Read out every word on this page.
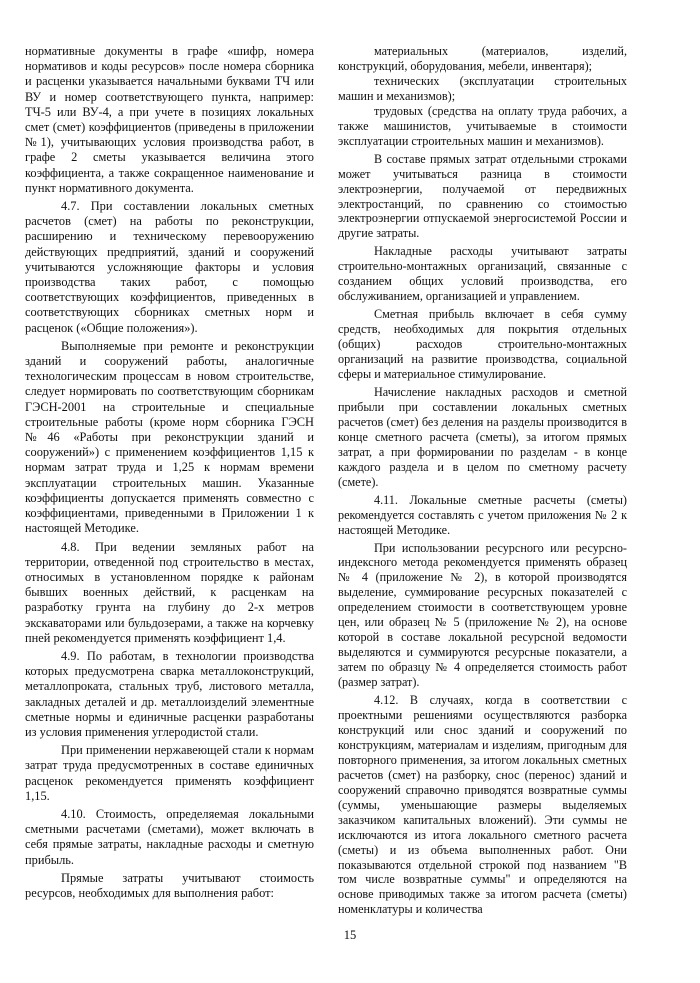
нормативные документы в графе «шифр, номера нормативов и коды ресурсов» после номера сборника и расценки указывается начальными буквами ТЧ или ВУ и номер соответствующего пункта, например: ТЧ-5 или ВУ-4, а при учете в позициях локальных смет (смет) коэффициентов (приведены в приложении №1), учитывающих условия производства работ, в графе 2 сметы указывается величина этого коэффициента, а также сокращенное наименование и пункт нормативного документа.

4.7. При составлении локальных сметных расчетов (смет) на работы по реконструкции, расширению и техническому перевооружению действующих предприятий, зданий и сооружений учитываются усложняющие факторы и условия производства таких работ, с помощью соответствующих коэффициентов, приведенных в соответствующих сборниках сметных норм и расценок («Общие положения»).

Выполняемые при ремонте и реконструкции зданий и сооружений работы, аналогичные технологическим процессам в новом строительстве, следует нормировать по соответствующим сборникам ГЭСН-2001 на строительные и специальные строительные работы (кроме норм сборника ГЭСН №46 «Работы при реконструкции зданий и сооружений») с применением коэффициентов 1,15 к нормам затрат труда и 1,25 к нормам времени эксплуатации строительных машин. Указанные коэффициенты допускается применять совместно с коэффициентами, приведенными в Приложении 1 к настоящей Методике.

4.8. При ведении земляных работ на территории, отведенной под строительство в местах, относимых в установленном порядке к районам бывших военных действий, к расценкам на разработку грунта на глубину до 2-х метров экскаваторами или бульдозерами, а также на корчевку пней рекомендуется применять коэффициент 1,4.

4.9. По работам, в технологии производства которых предусмотрена сварка металлоконструкций, металлопроката, стальных труб, листового металла, закладных деталей и др. металлоизделий элементные сметные нормы и единичные расценки разработаны из условия применения углеродистой стали.

При применении нержавеющей стали к нормам затрат труда предусмотренных в составе единичных расценок рекомендуется применять коэффициент 1,15.

4.10. Стоимость, определяемая локальными сметными расчетами (сметами), может включать в себя прямые затраты, накладные расходы и сметную прибыль.

Прямые затраты учитывают стоимость ресурсов, необходимых для выполнения работ:

материальных (материалов, изделий, конструкций, оборудования, мебели, инвентаря);

технических (эксплуатации строительных машин и механизмов);

трудовых (средства на оплату труда рабочих, а также машинистов, учитываемые в стоимости эксплуатации строительных машин и механизмов).

В составе прямых затрат отдельными строками может учитываться разница в стоимости электроэнергии, получаемой от передвижных электростанций, по сравнению со стоимостью электроэнергии отпускаемой энергосистемой России и другие затраты.

Накладные расходы учитывают затраты строительно-монтажных организаций, связанные с созданием общих условий производства, его обслуживанием, организацией и управлением.

Сметная прибыль включает в себя сумму средств, необходимых для покрытия отдельных (общих) расходов строительно-монтажных организаций на развитие производства, социальной сферы и материальное стимулирование.

Начисление накладных расходов и сметной прибыли при составлении локальных сметных расчетов (смет) без деления на разделы производится в конце сметного расчета (сметы), за итогом прямых затрат, а при формировании по разделам - в конце каждого раздела и в целом по сметному расчету (смете).

4.11. Локальные сметные расчеты (сметы) рекомендуется составлять с учетом приложения № 2 к настоящей Методике.

При использовании ресурсного или ресурсно-индексного метода рекомендуется применять образец № 4 (приложение № 2), в которой производятся выделение, суммирование ресурсных показателей с определением стоимости в соответствующем уровне цен, или образец № 5 (приложение № 2), на основе которой в составе локальной ресурсной ведомости выделяются и суммируются ресурсные показатели, а затем по образцу № 4 определяется стоимость работ (размер затрат).

4.12. В случаях, когда в соответствии с проектными решениями осуществляются разборка конструкций или снос зданий и сооружений по конструкциям, материалам и изделиям, пригодным для повторного применения, за итогом локальных сметных расчетов (смет) на разборку, снос (перенос) зданий и сооружений справочно приводятся возвратные суммы (суммы, уменьшающие размеры выделяемых заказчиком капитальных вложений). Эти суммы не исключаются из итога локального сметного расчета (сметы) и из объема выполненных работ. Они показываются отдельной строкой под названием "В том числе возвратные суммы" и определяются на основе приводимых также за итогом расчета (сметы) номенклатуры и количества

15
